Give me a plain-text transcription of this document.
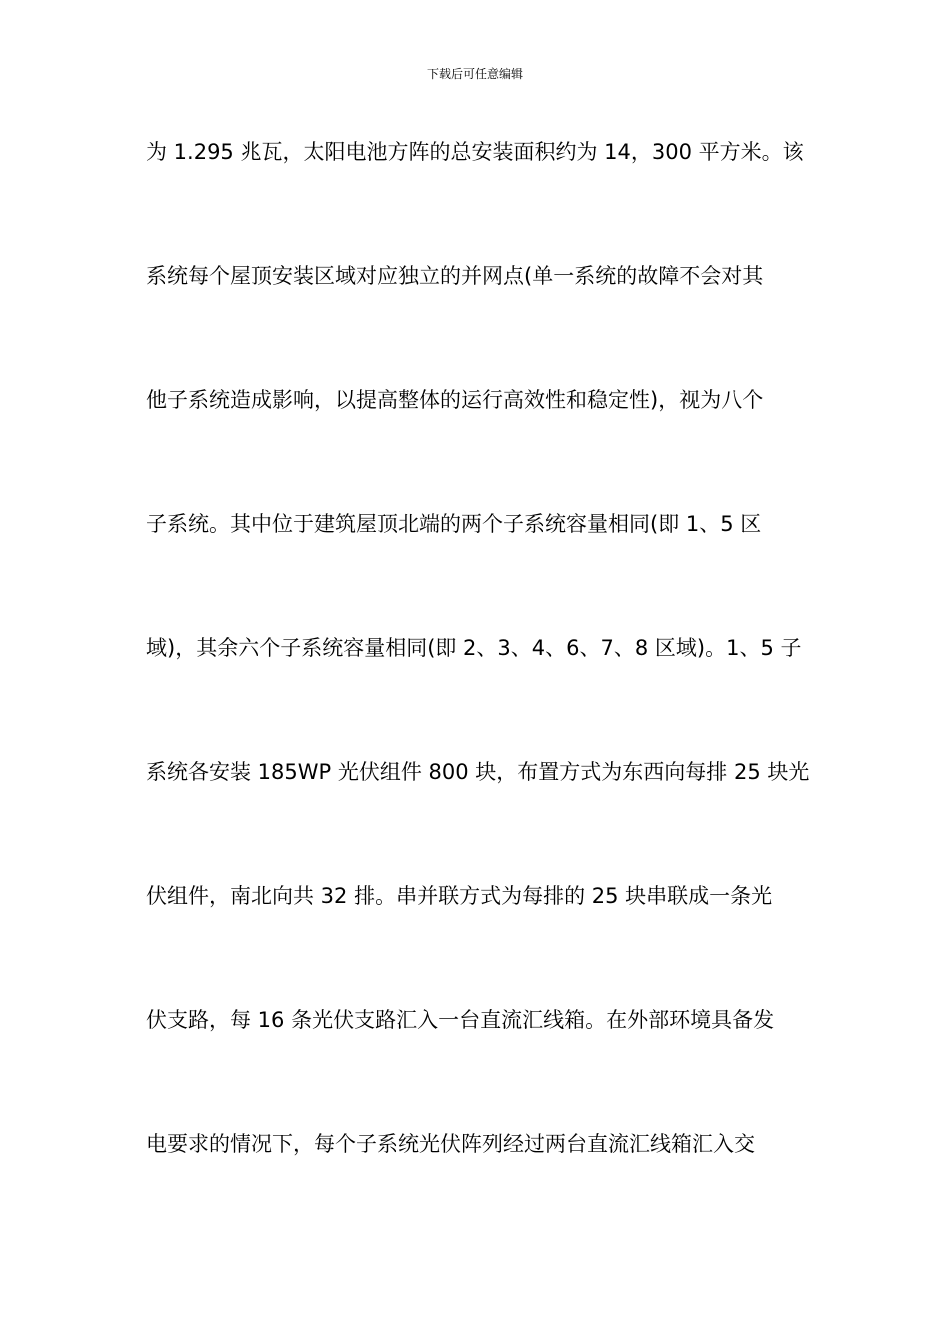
下载后可任意编辑
为 1.295 兆瓦，太阳电池方阵的总安装面积约为 14，300 平方米。该
系统每个屋顶安装区域对应独立的并网点(单一系统的故障不会对其
他子系统造成影响，以提高整体的运行高效性和稳定性)，视为八个
子系统。其中位于建筑屋顶北端的两个子系统容量相同(即 1、5 区
域)，其余六个子系统容量相同(即 2、3、4、6、7、8 区域)。1、5 子
系统各安装 185WP 光伏组件 800 块，布置方式为东西向每排 25 块光
伏组件，南北向共 32 排。串并联方式为每排的 25 块串联成一条光
伏支路，每 16 条光伏支路汇入一台直流汇线箱。在外部环境具备发
电要求的情况下，每个子系统光伏阵列经过两台直流汇线箱汇入交
